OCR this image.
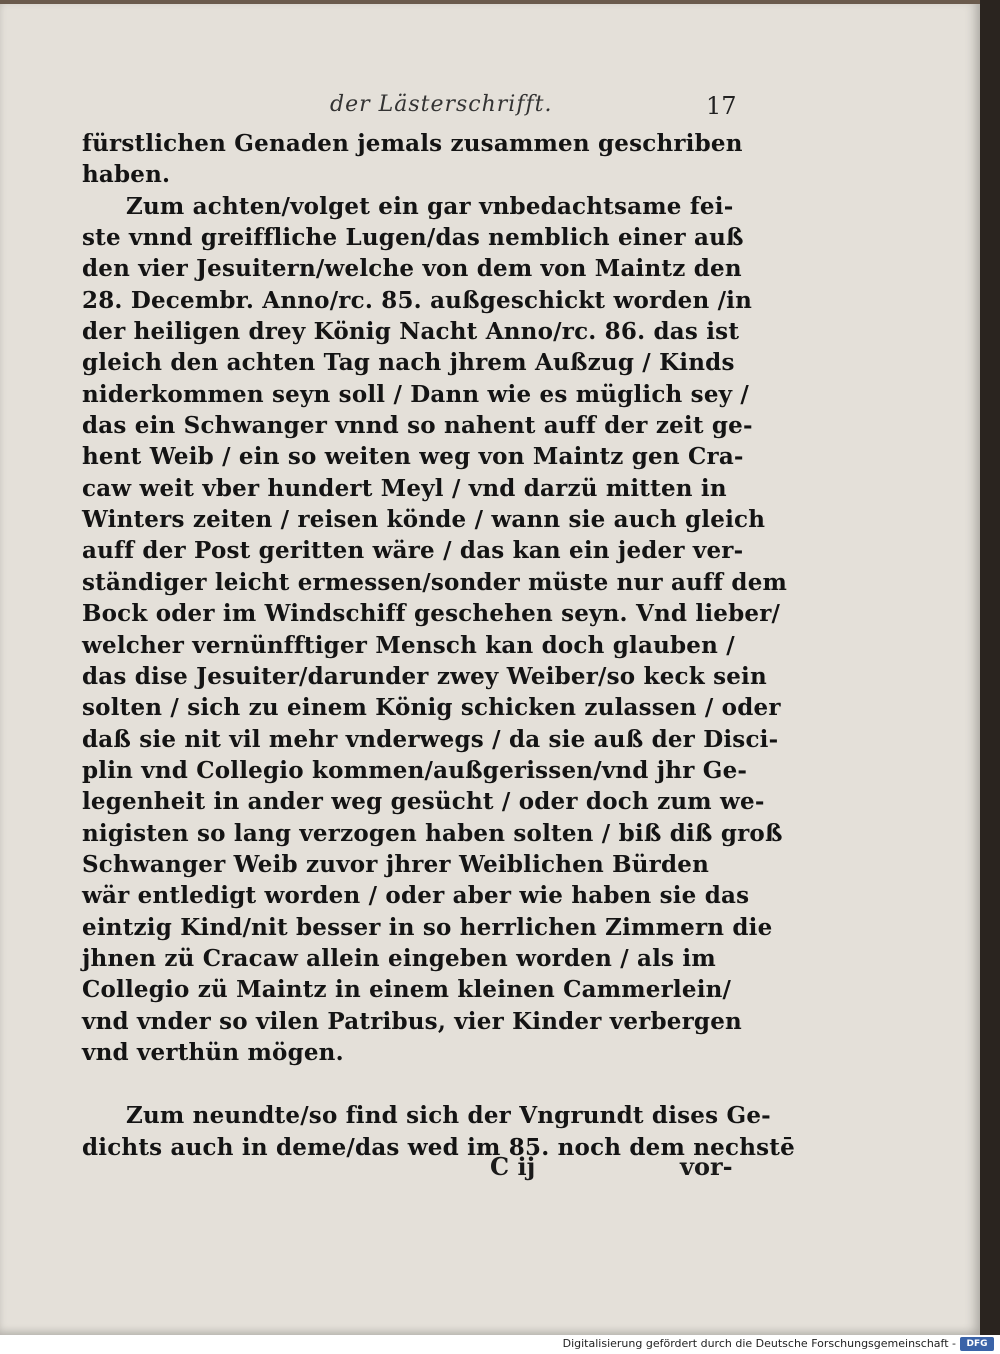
der Lästerschrifft.	17
fürstlichen Genaden jemals zusammen geschriben
haben.
Zum achten/volget ein gar vnbedachtsame fei-
ste vnnd greiffliche Lugen/das nemblich einer auß
den vier Jesuitern/welche von dem von Maintz den
28. Decembr. Anno/rc. 85. außgeschickt worden /in
der heiligen drey König Nacht Anno/rc. 86. das ist
gleich den achten Tag nach jhrem Außzug / Kinds
niderkommen seyn soll / Dann wie es müglich sey /
das ein Schwanger vnnd so nahent auff der zeit ge-
hent Weib / ein so weiten weg von Maintz gen Cra-
caw weit vber hundert Meyl / vnd darzü mitten in
Winters zeiten / reisen könde / wann sie auch gleich
auff der Post geritten wäre / das kan ein jeder ver-
ständiger leicht ermessen/sonder müste nur auff dem
Bock oder im Windschiff geschehen seyn. Vnd lieber/
welcher vernünfftiger Mensch kan doch glauben /
das dise Jesuiter/darunder zwey Weiber/so keck sein
solten / sich zu einem König schicken zulassen / oder
daß sie nit vil mehr vnderwegs / da sie auß der Disci-
plin vnd Collegio kommen/außgerissen/vnd jhr Ge-
legenheit in ander weg gesücht / oder doch zum we-
nigisten so lang verzogen haben solten / biß diß groß
Schwanger Weib zuvor jhrer Weiblichen Bürden
wär entledigt worden / oder aber wie haben sie das
eintzig Kind/nit besser in so herrlichen Zimmern die
jhnen zü Cracaw allein eingeben worden / als im
Collegio zü Maintz in einem kleinen Cammerlein/
vnd vnder so vilen Patribus, vier Kinder verbergen
vnd verthün mögen.
Zum neundte/so find sich der Vngrundt dises Ge-
dichts auch in deme/das wed im 85. noch dem nechstē
C ij	vor-
Digitalisierung gefördert durch die Deutsche Forschungsgemeinschaft -	DFG
